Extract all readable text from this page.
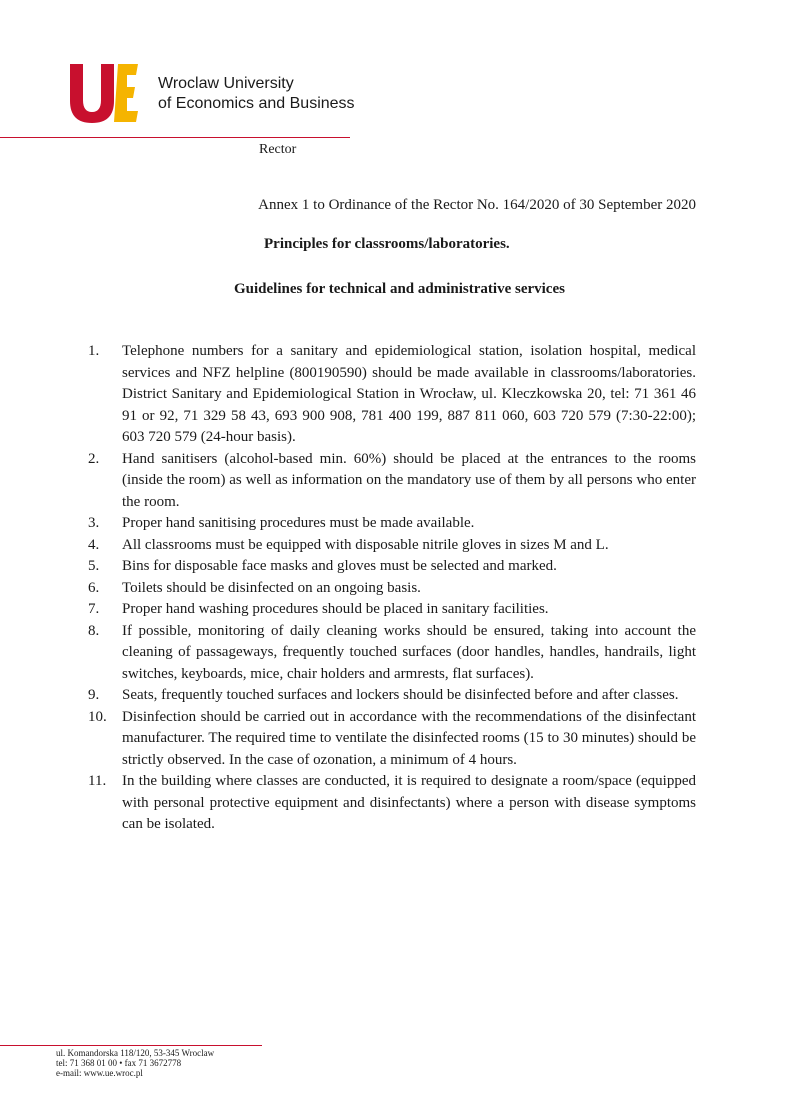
Wroclaw University
of Economics and Business
Rector
Annex 1 to Ordinance of the Rector No. 164/2020 of 30 September 2020
Principles for classrooms/laboratories.
Guidelines for technical and administrative services
1.	Telephone numbers for a sanitary and epidemiological station, isolation hospital, medical services and NFZ helpline (800190590) should be made available in classrooms/laboratories. District Sanitary and Epidemiological Station in Wrocław, ul. Kleczkowska 20, tel: 71 361 46 91 or 92, 71 329 58 43, 693 900 908, 781 400 199, 887 811 060, 603 720 579 (7:30-22:00); 603 720 579 (24-hour basis).
2.	Hand sanitisers (alcohol-based min. 60%) should be placed at the entrances to the rooms (inside the room) as well as information on the mandatory use of them by all persons who enter the room.
3.	Proper hand sanitising procedures must be made available.
4.	All classrooms must be equipped with disposable nitrile gloves in sizes M and L.
5.	Bins for disposable face masks and gloves must be selected and marked.
6.	Toilets should be disinfected on an ongoing basis.
7.	Proper hand washing procedures should be placed in sanitary facilities.
8.	If possible, monitoring of daily cleaning works should be ensured, taking into account the cleaning of passageways, frequently touched surfaces (door handles, handles, handrails, light switches, keyboards, mice, chair holders and armrests, flat surfaces).
9.	Seats, frequently touched surfaces and lockers should be disinfected before and after classes.
10.	Disinfection should be carried out in accordance with the recommendations of the disinfectant manufacturer. The required time to ventilate the disinfected rooms (15 to 30 minutes) should be strictly observed. In the case of ozonation, a minimum of 4 hours.
11.	In the building where classes are conducted, it is required to designate a room/space (equipped with personal protective equipment and disinfectants) where a person with disease symptoms can be isolated.
ul. Komandorska 118/120, 53-345 Wroclaw
tel: 71 368 01 00 • fax 71 3672778
e-mail: www.ue.wroc.pl
